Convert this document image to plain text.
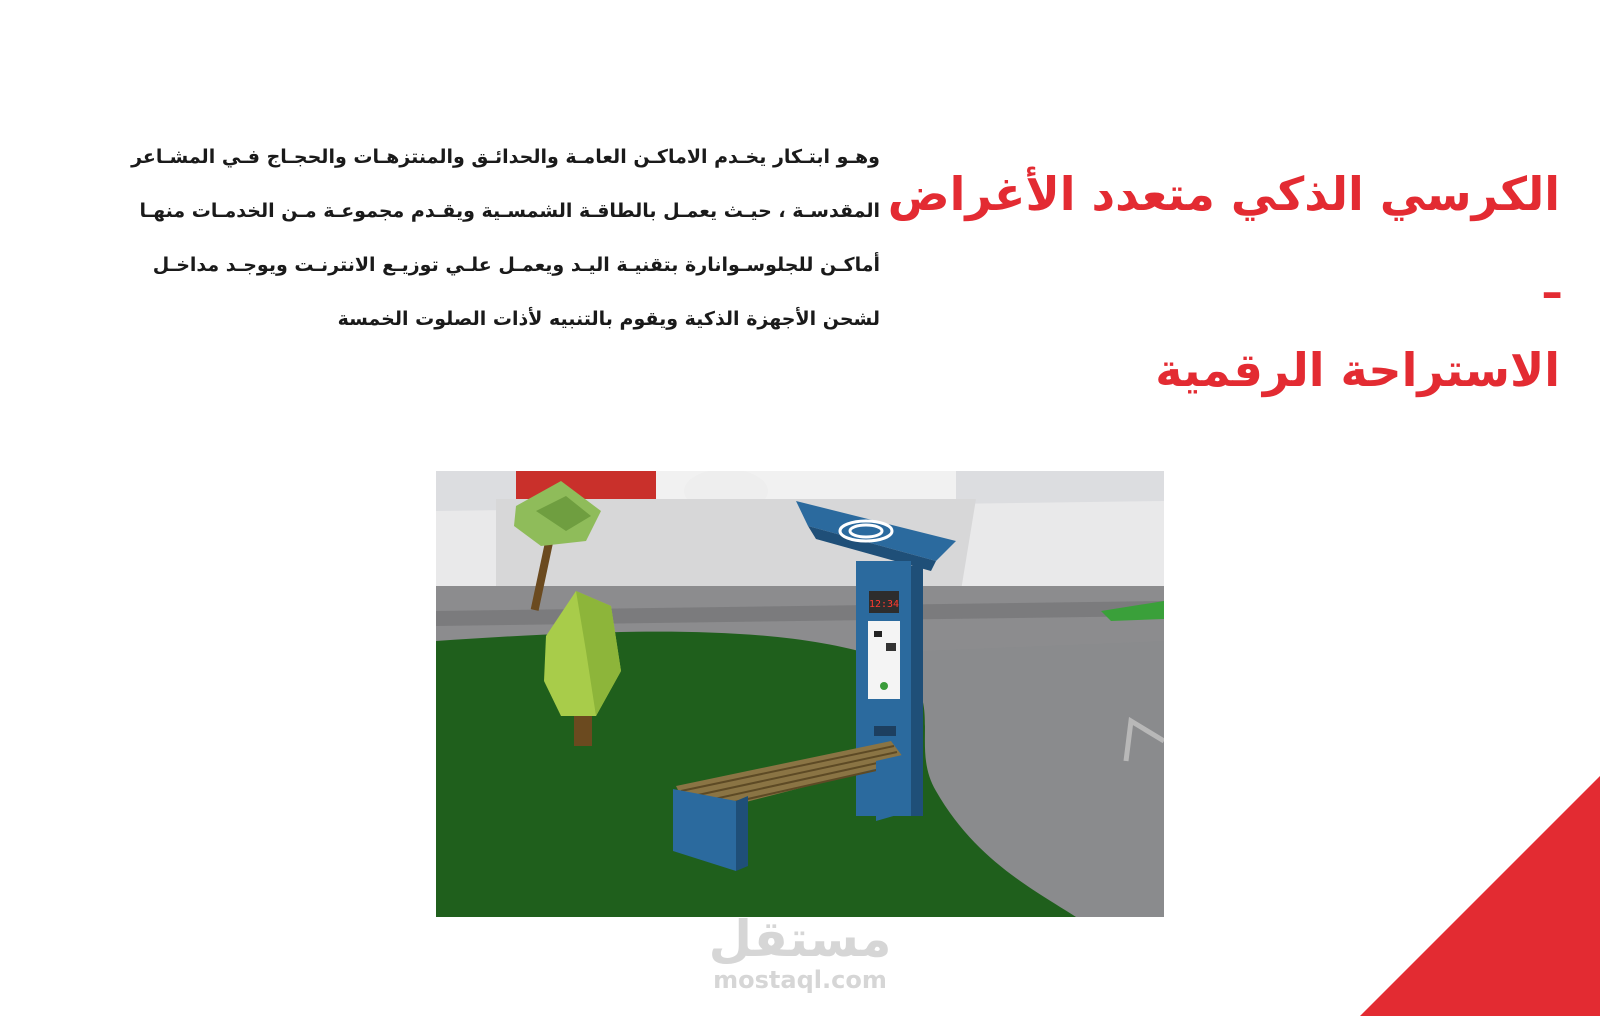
الكرسي الذكي متعدد الأغراض ـ
الاستراحة الرقمية

وهـو ابتـكار يخـدم الاماكـن العامـة والحدائـق والمنتزهـات والحجـاج فـي المشـاعر
المقدسـة ، حيـث يعمـل بالطاقـة الشمسـية ويقـدم مجموعـة مـن الخدمـات منهـا
أماكـن للجلوسـوانارة بتقنيـة اليـد ويعمـل علـي توزيـع الانترنـت ويوجـد مداخـل
لشحن الأجهزة الذكية ويقوم بالتنبيه لأذات الصلوت الخمسة

12:34
مستقل
mostaql.com
